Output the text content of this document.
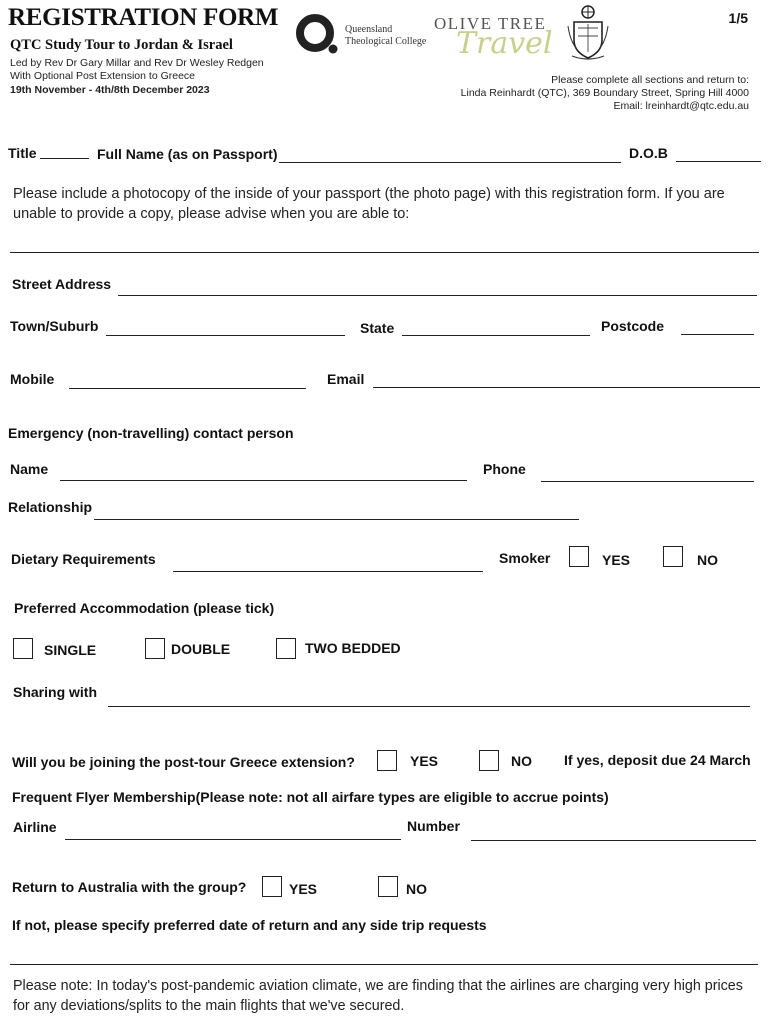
REGISTRATION FORM
QTC Study Tour to Jordan & Israel
Led by Rev Dr Gary Millar and Rev Dr Wesley Redgen
With Optional Post Extension to Greece
19th November - 4th/8th December 2023
Queensland
Theological College
OLIVE TREE
Travel
1/5
Please complete all sections and return to:
Linda Reinhardt (QTC), 369 Boundary Street, Spring Hill 4000
Email: lreinhardt@qtc.edu.au
Title	Full Name (as on Passport)	D.O.B
Please include a photocopy of the inside of your passport (the photo page) with this registration form. If you are unable to provide a copy, please advise when you are able to:
Street Address
Town/Suburb	State	Postcode
Mobile	Email
Emergency (non-travelling) contact person
Name	Phone
Relationship
Dietary Requirements	Smoker	YES	NO
Preferred Accommodation (please tick)
SINGLE	DOUBLE	TWO BEDDED
Sharing with
Will you be joining the post-tour Greece extension?	YES	NO If yes, deposit due 24 March
Frequent Flyer Membership(Please note: not all airfare types are eligible to accrue points)
Airline	Number
Return to Australia with the group?	YES	NO
If not, please specify preferred date of return and any side trip requests
Please note: In today's post-pandemic aviation climate, we are finding that the airlines are charging very high prices for any deviations/splits to the main flights that we've secured.
